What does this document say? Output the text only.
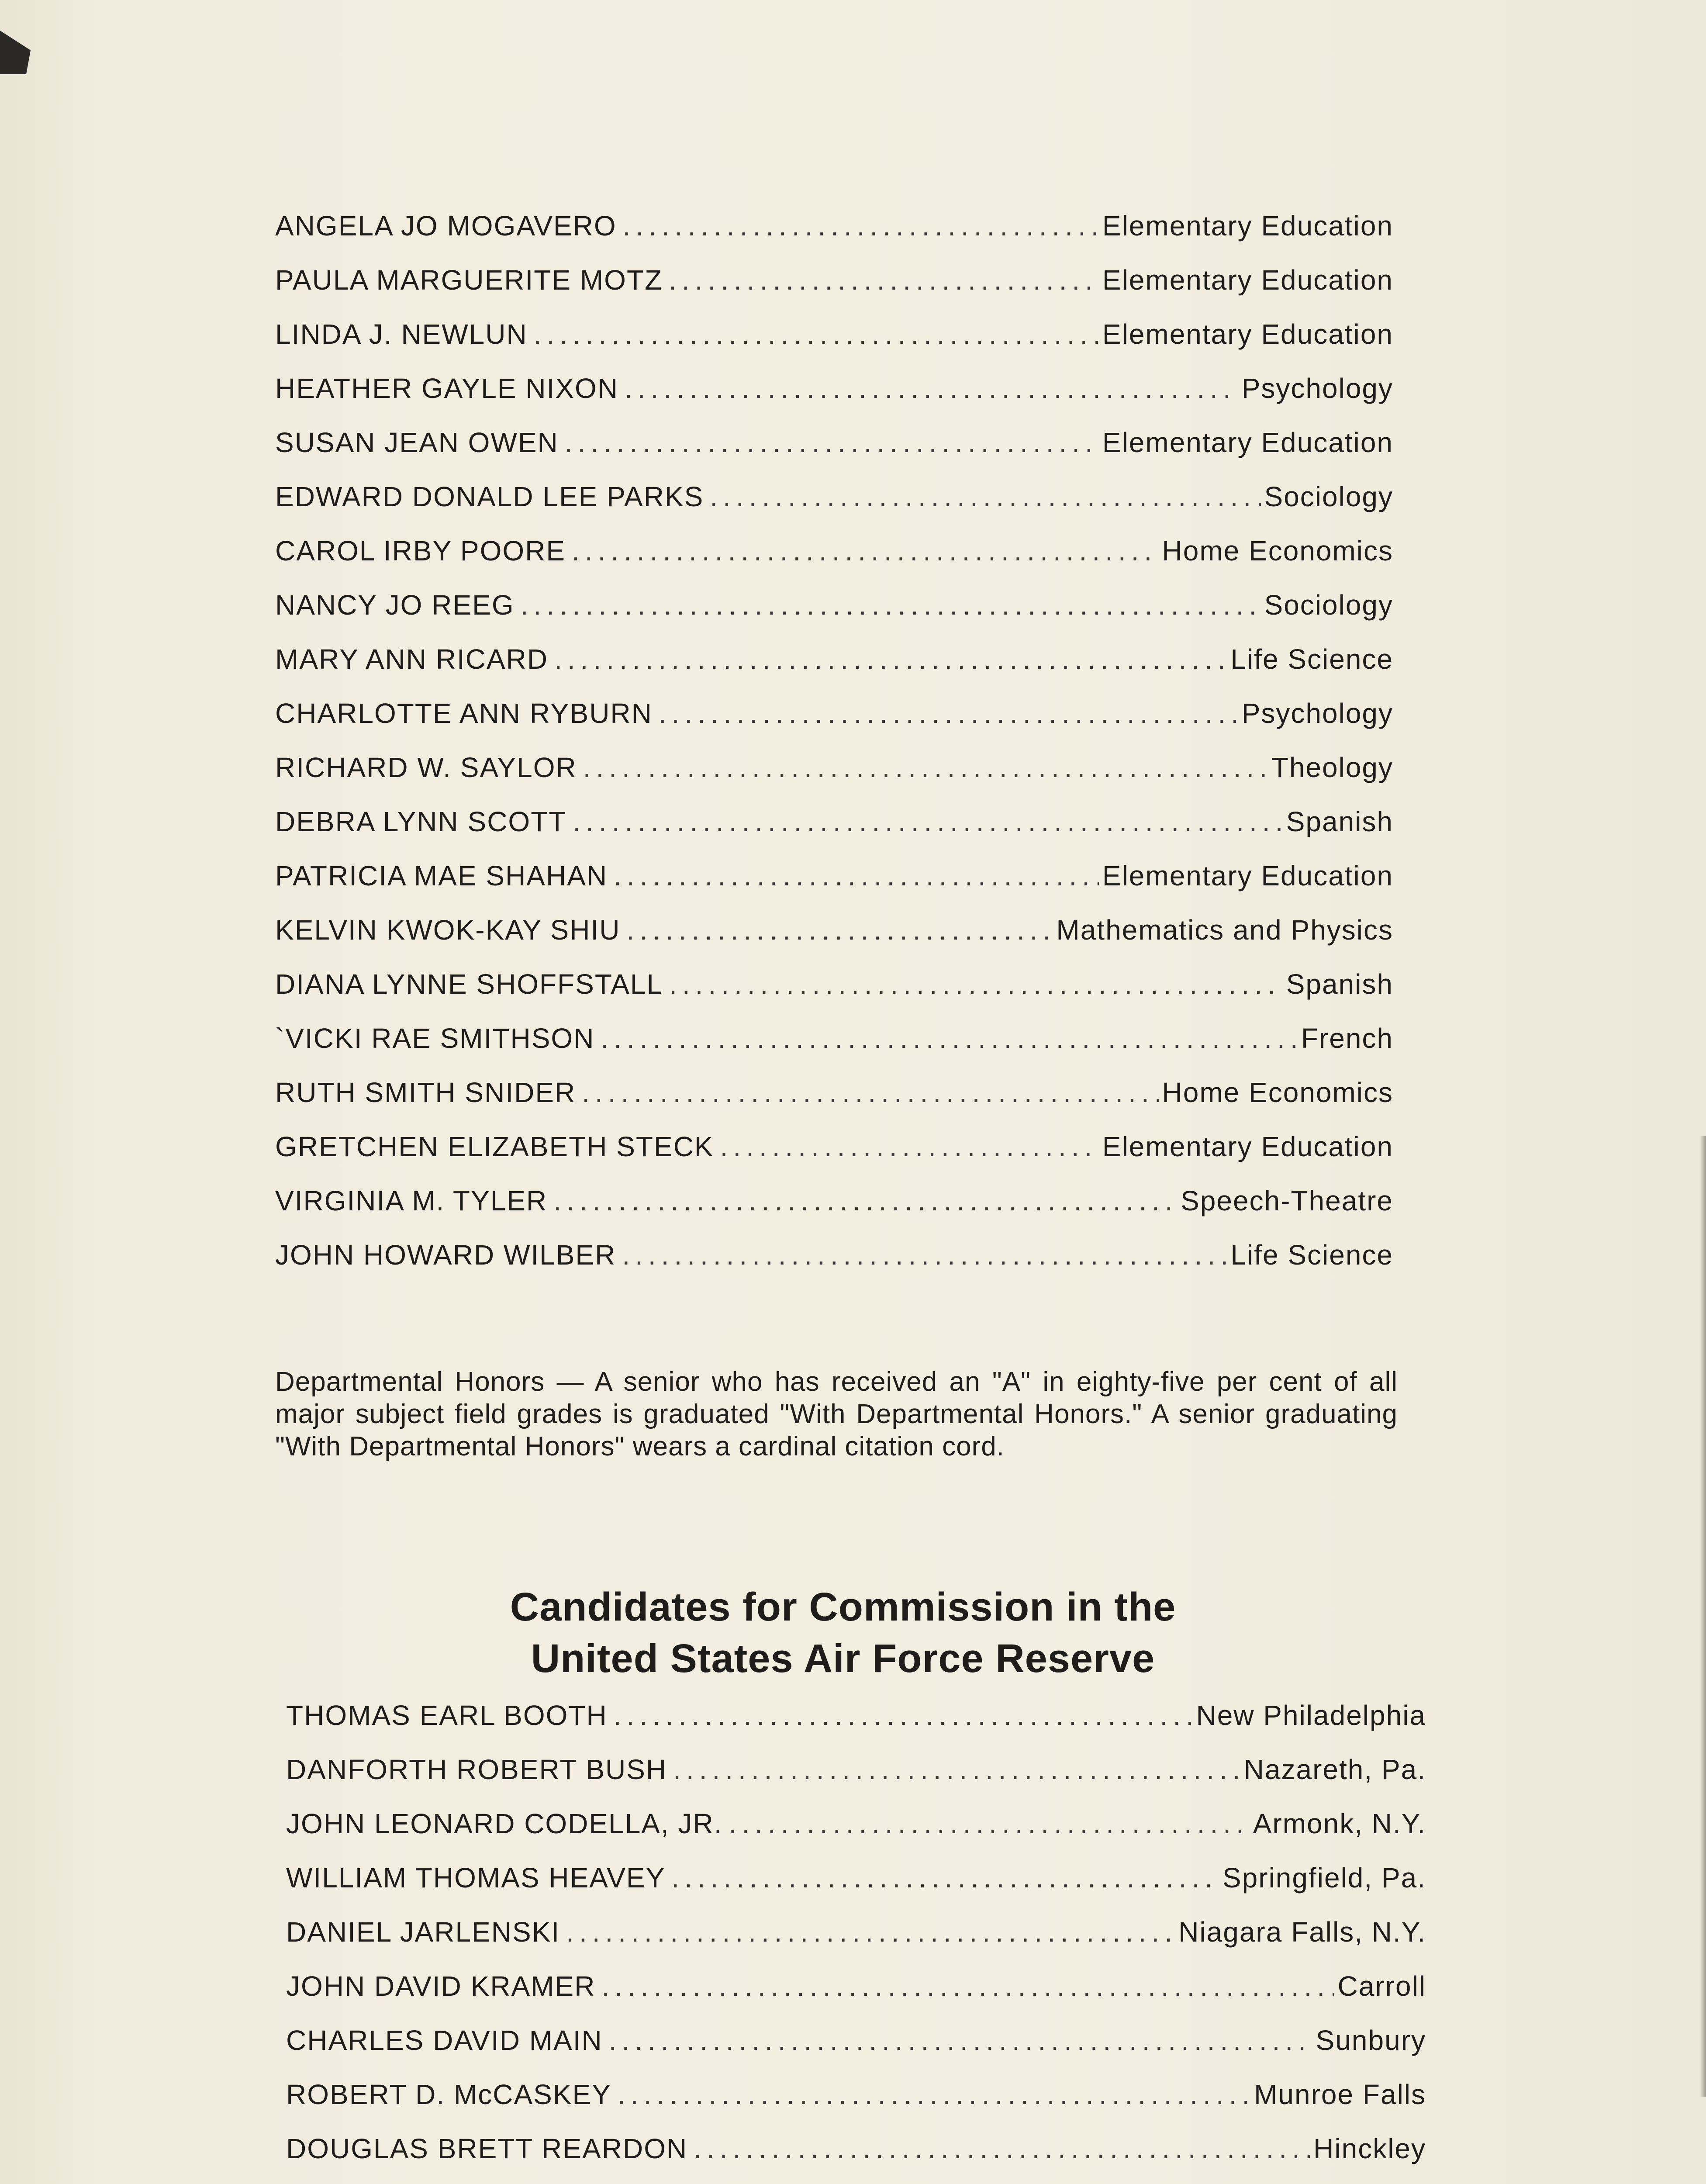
ANGELA JO MOGAVERO .....	Elementary Education
PAULA MARGUERITE MOTZ .....	Elementary Education
LINDA J. NEWLUN .....	Elementary Education
HEATHER GAYLE NIXON .....	Psychology
SUSAN JEAN OWEN .....	Elementary Education
EDWARD DONALD LEE PARKS .....	Sociology
CAROL IRBY POORE .....	Home Economics
NANCY JO REEG .....	Sociology
MARY ANN RICARD .....	Life Science
CHARLOTTE ANN RYBURN .....	Psychology
RICHARD W. SAYLOR .....	Theology
DEBRA LYNN SCOTT .....	Spanish
PATRICIA MAE SHAHAN .....	Elementary Education
KELVIN KWOK-KAY SHIU .....	Mathematics and Physics
DIANA LYNNE SHOFFSTALL .....	Spanish
`VICKI RAE SMITHSON .....	French
RUTH SMITH SNIDER .....	Home Economics
GRETCHEN ELIZABETH STECK .....	Elementary Education
VIRGINIA M. TYLER .....	Speech-Theatre
JOHN HOWARD WILBER .....	Life Science

Departmental Honors — A senior who has received an "A" in eighty-five per cent of all major subject field grades is graduated "With Departmental Honors." A senior graduating "With Departmental Honors" wears a cardinal citation cord.

Candidates for Commission in the
United States Air Force Reserve
THOMAS EARL BOOTH .....	New Philadelphia
DANFORTH ROBERT BUSH .....	Nazareth, Pa.
JOHN LEONARD CODELLA, JR. .....	Armonk, N.Y.
WILLIAM THOMAS HEAVEY .....	Springfield, Pa.
DANIEL JARLENSKI .....	Niagara Falls, N.Y.
JOHN DAVID KRAMER .....	Carroll
CHARLES DAVID MAIN .....	Sunbury
ROBERT D. McCASKEY .....	Munroe Falls
DOUGLAS BRETT REARDON .....	Hinckley
